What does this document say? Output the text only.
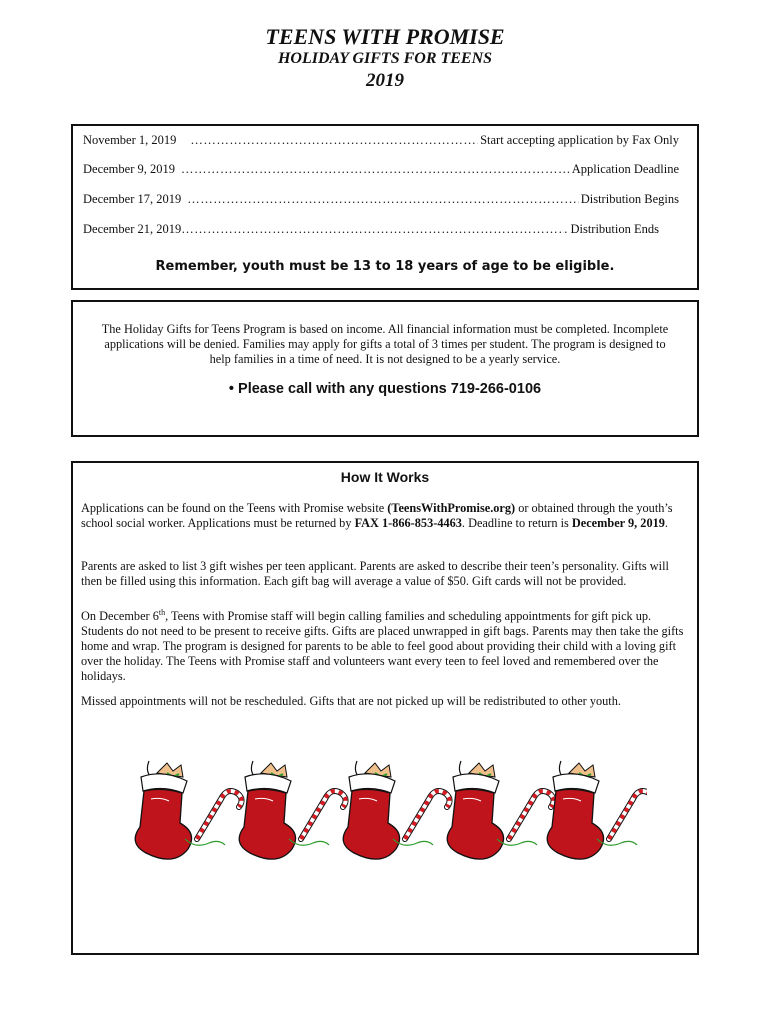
TEENS WITH PROMISE
HOLIDAY GIFTS FOR TEENS
2019
November 1, 2019 ……………………………………………………………………………………………………………………………………………………………………………………………………………………………	Start accepting application by Fax Only
December 9, 2019 ……………………………………………………………………………………………………………………………………………………………………………………………………………………………	Application Deadline
December 17, 2019 ……………………………………………………………………………………………………………………………………………………………………………………………………………………………	Distribution Begins
December 21, 2019 ……………………………………………………………………………………………………………………………………………………………………………………………………………………………	. Distribution Ends
Remember, youth must be 13 to 18 years of age to be eligible.
The Holiday Gifts for Teens Program is based on income. All financial information must be completed. Incomplete applications will be denied. Families may apply for gifts a total of 3 times per student. The program is designed to help families in a time of need. It is not designed to be a yearly service.
• Please call with any questions 719-266-0106
How It Works

Applications can be found on the Teens with Promise website (TeensWithPromise.org) or obtained through the youth’s school social worker. Applications must be returned by FAX 1-866-853-4463. Deadline to return is December 9, 2019.

Parents are asked to list 3 gift wishes per teen applicant. Parents are asked to describe their teen’s personality. Gifts will then be filled using this information. Each gift bag will average a value of $50. Gift cards will not be provided.

On December 6th, Teens with Promise staff will begin calling families and scheduling appointments for gift pick up. Students do not need to be present to receive gifts. Gifts are placed unwrapped in gift bags. Parents may then take the gifts home and wrap. The program is designed for parents to be able to feel good about providing their child with a loving gift over the holiday. The Teens with Promise staff and volunteers want every teen to feel loved and remembered over the holidays.

Missed appointments will not be rescheduled. Gifts that are not picked up will be redistributed to other youth.
